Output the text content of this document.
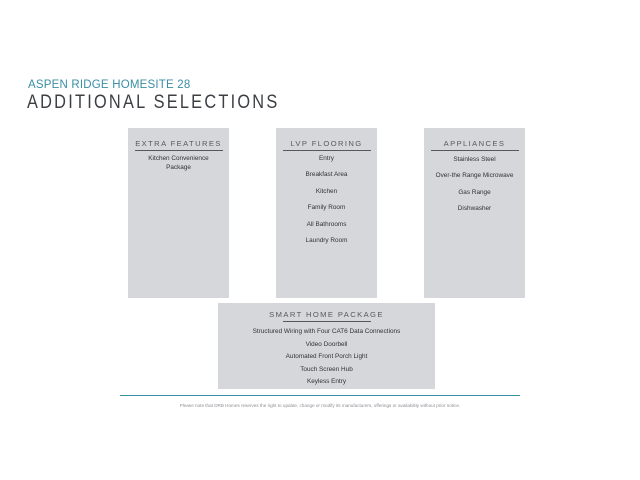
ASPEN RIDGE HOMESITE 28
ADDITIONAL SELECTIONS
EXTRA FEATURES
Kitchen Convenience
Package
LVP FLOORING
Entry
Breakfast Area
Kitchen
Family Room
All Bathrooms
Laundry Room
APPLIANCES
Stainless Steel
Over-the Range Microwave
Gas Range
Dishwasher
SMART HOME PACKAGE
Structured Wiring with Four CAT6 Data Connections
Video Doorbell
Automated Front Porch Light
Touch Screen Hub
Keyless Entry
Please note that DRB Homes reserves the right to update, change or modify its manufacturers, offerings or availability without prior notice.
